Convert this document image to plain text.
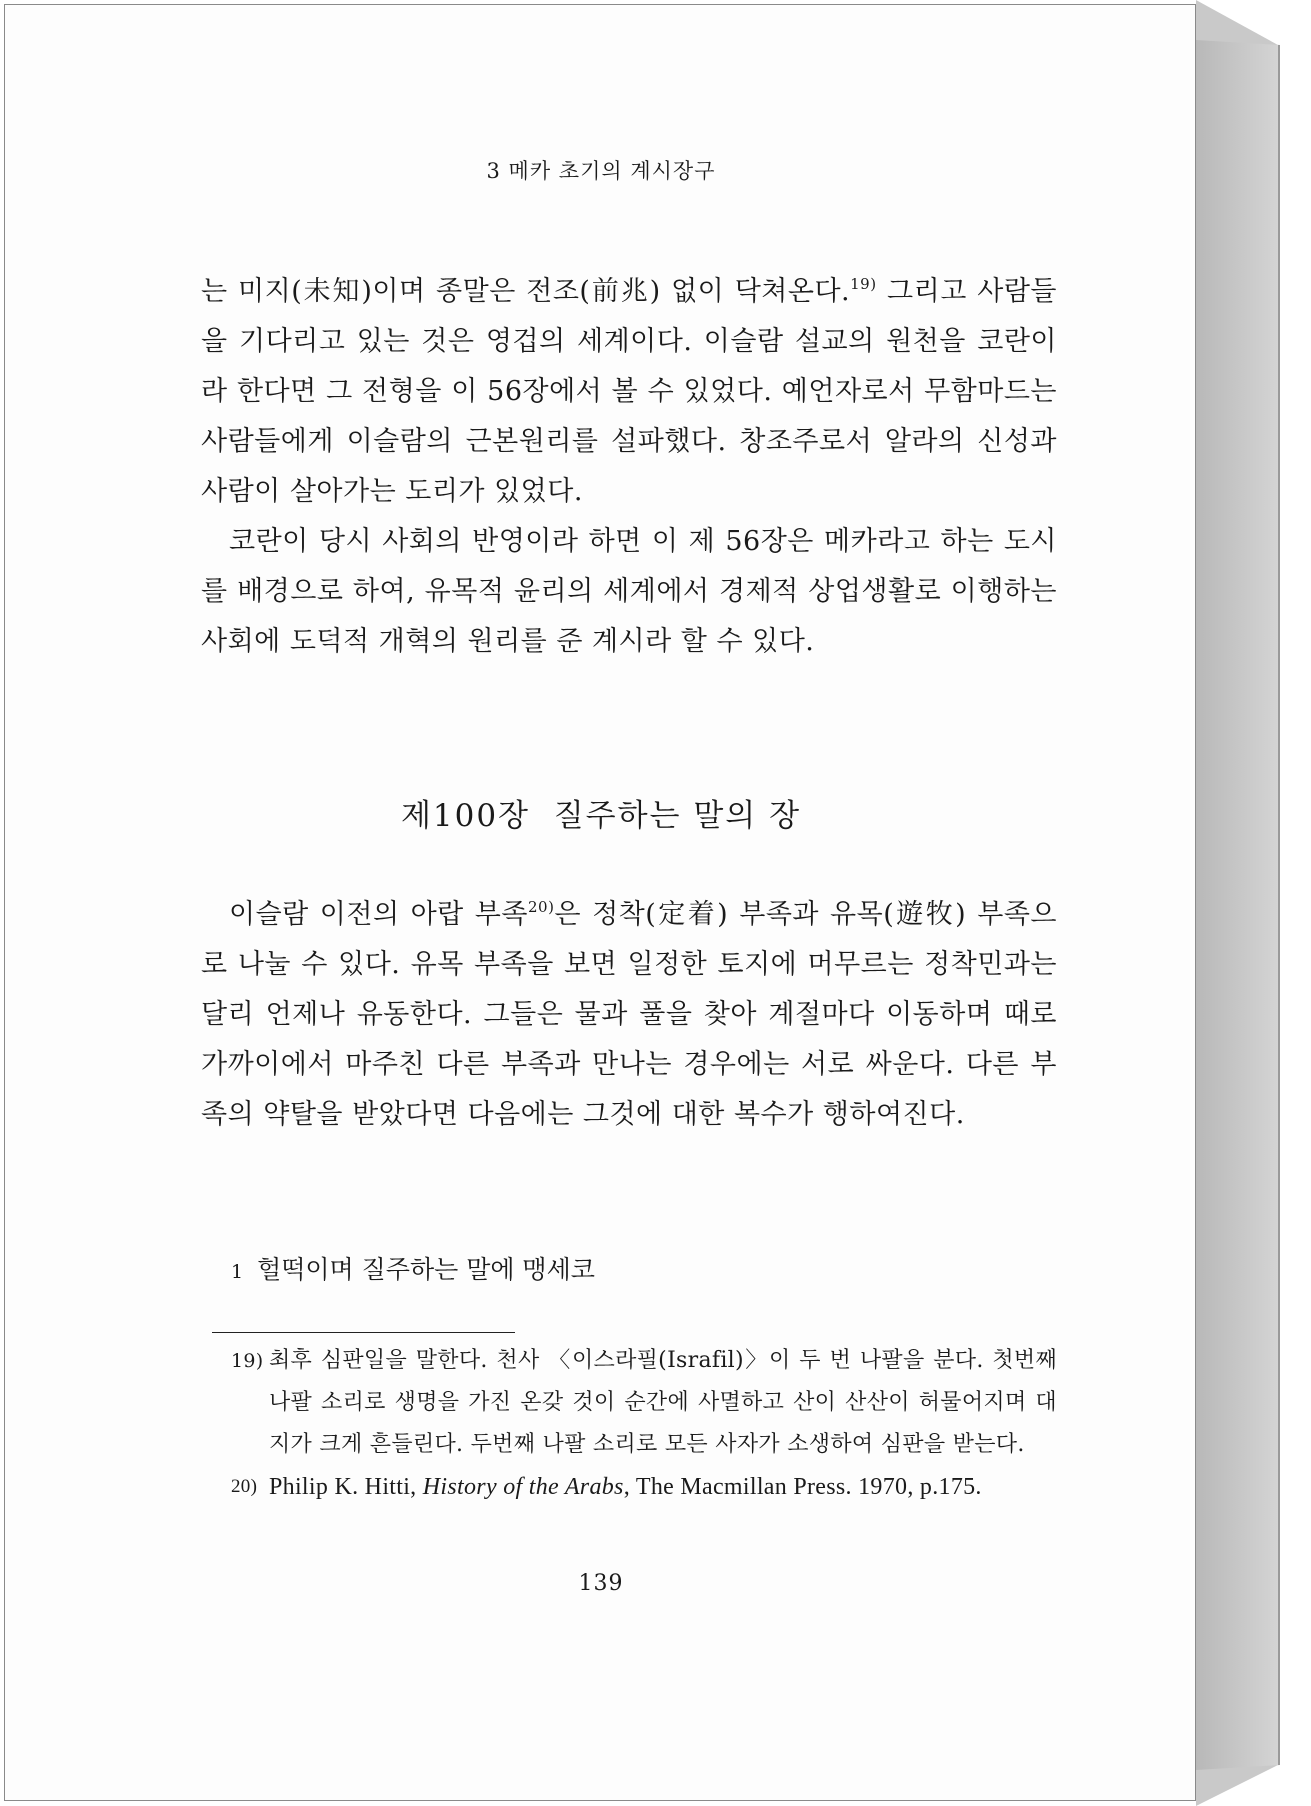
3 메카 초기의 계시장구

는 미지(未知)이며 종말은 전조(前兆) 없이 닥쳐온다.$^{19)}$ 그리고 사람들을 기다리고 있는 것은 영겁의 세계이다. 이슬람 설교의 원천을 코란이라 한다면 그 전형을 이 56장에서 볼 수 있었다. 예언자로서 무함마드는 사람들에게 이슬람의 근본원리를 설파했다. 창조주로서 알라의 신성과 사람이 살아가는 도리가 있었다.

코란이 당시 사회의 반영이라 하면 이 제 56장은 메카라고 하는 도시를 배경으로 하여, 유목적 윤리의 세계에서 경제적 상업생활로 이행하는 사회에 도덕적 개혁의 원리를 준 계시라 할 수 있다.

제100장  질주하는 말의 장

이슬람 이전의 아랍 부족$^{20)}$은 정착(定着) 부족과 유목(遊牧) 부족으로 나눌 수 있다. 유목 부족을 보면 일정한 토지에 머무르는 정착민과는 달리 언제나 유동한다. 그들은 물과 풀을 찾아 계절마다 이동하며 때로 가까이에서 마주친 다른 부족과 만나는 경우에는 서로 싸운다. 다른 부족의 약탈을 받았다면 다음에는 그것에 대한 복수가 행하여진다.

1 헐떡이며 질주하는 말에 맹세코
19) 최후 심판일을 말한다. 천사 〈이스라필(Israfil)〉이 두 번 나팔을 분다. 첫번째 나팔 소리로 생명을 가진 온갖 것이 순간에 사멸하고 산이 산산이 허물어지며 대지가 크게 흔들린다. 두번째 나팔 소리로 모든 사자가 소생하여 심판을 받는다.
20) Philip K. Hitti, History of the Arabs, The Macmillan Press. 1970, p.175.
139
